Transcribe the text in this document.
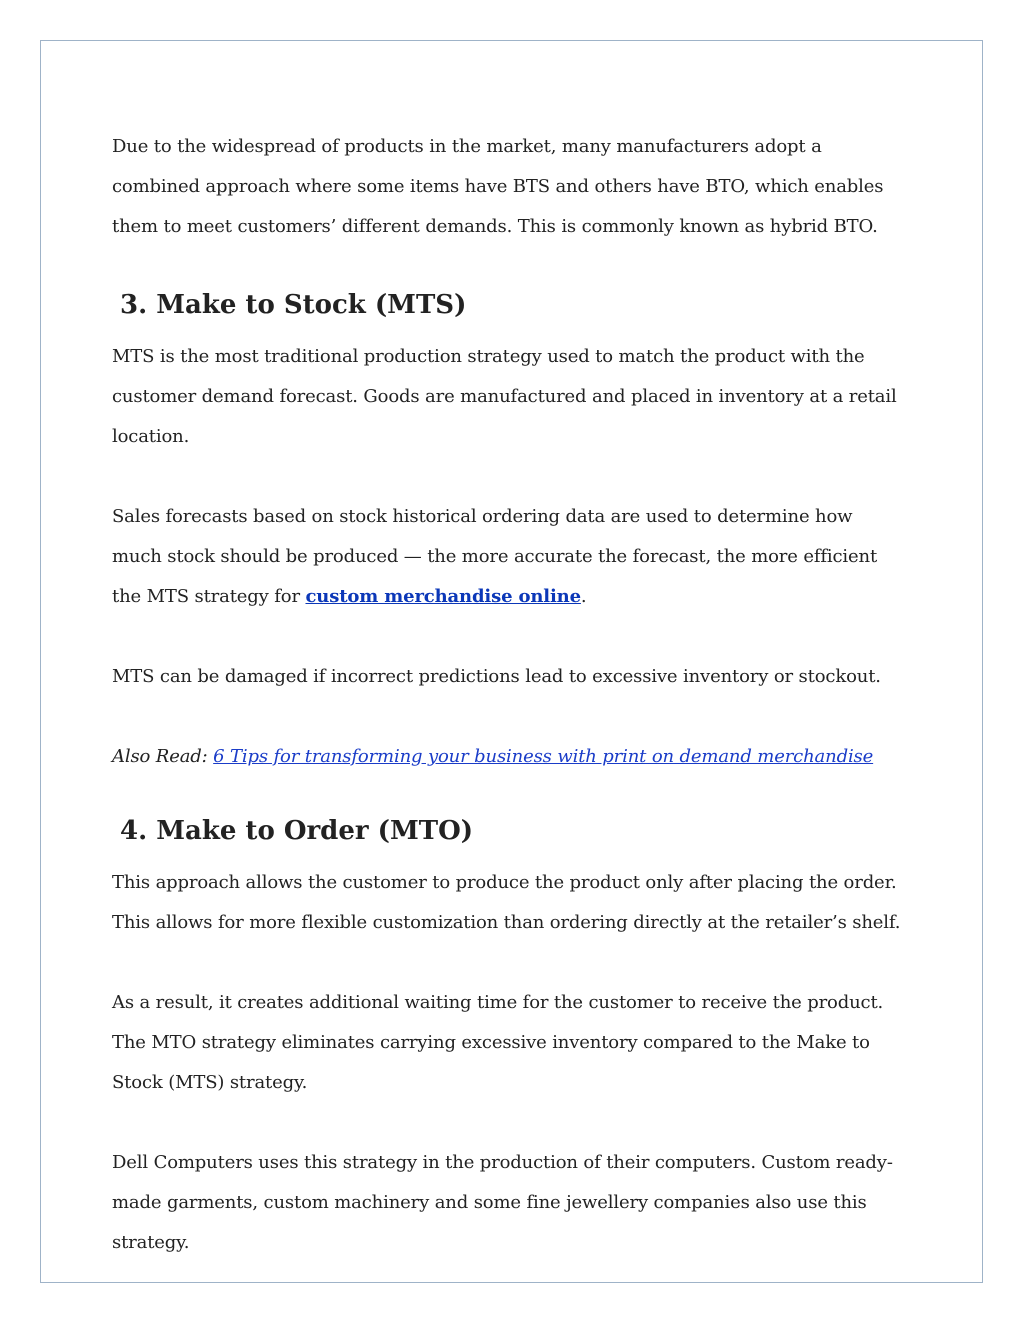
Due to the widespread of products in the market, many manufacturers adopt a combined approach where some items have BTS and others have BTO, which enables them to meet customers’ different demands. This is commonly known as hybrid BTO.

3. Make to Stock (MTS)

MTS is the most traditional production strategy used to match the product with the customer demand forecast. Goods are manufactured and placed in inventory at a retail location.

Sales forecasts based on stock historical ordering data are used to determine how much stock should be produced — the more accurate the forecast, the more efficient the MTS strategy for custom merchandise online.

MTS can be damaged if incorrect predictions lead to excessive inventory or stockout.

Also Read: 6 Tips for transforming your business with print on demand merchandise

4. Make to Order (MTO)

This approach allows the customer to produce the product only after placing the order. This allows for more flexible customization than ordering directly at the retailer’s shelf.

As a result, it creates additional waiting time for the customer to receive the product. The MTO strategy eliminates carrying excessive inventory compared to the Make to Stock (MTS) strategy.

Dell Computers uses this strategy in the production of their computers. Custom ready-made garments, custom machinery and some fine jewellery companies also use this strategy.
